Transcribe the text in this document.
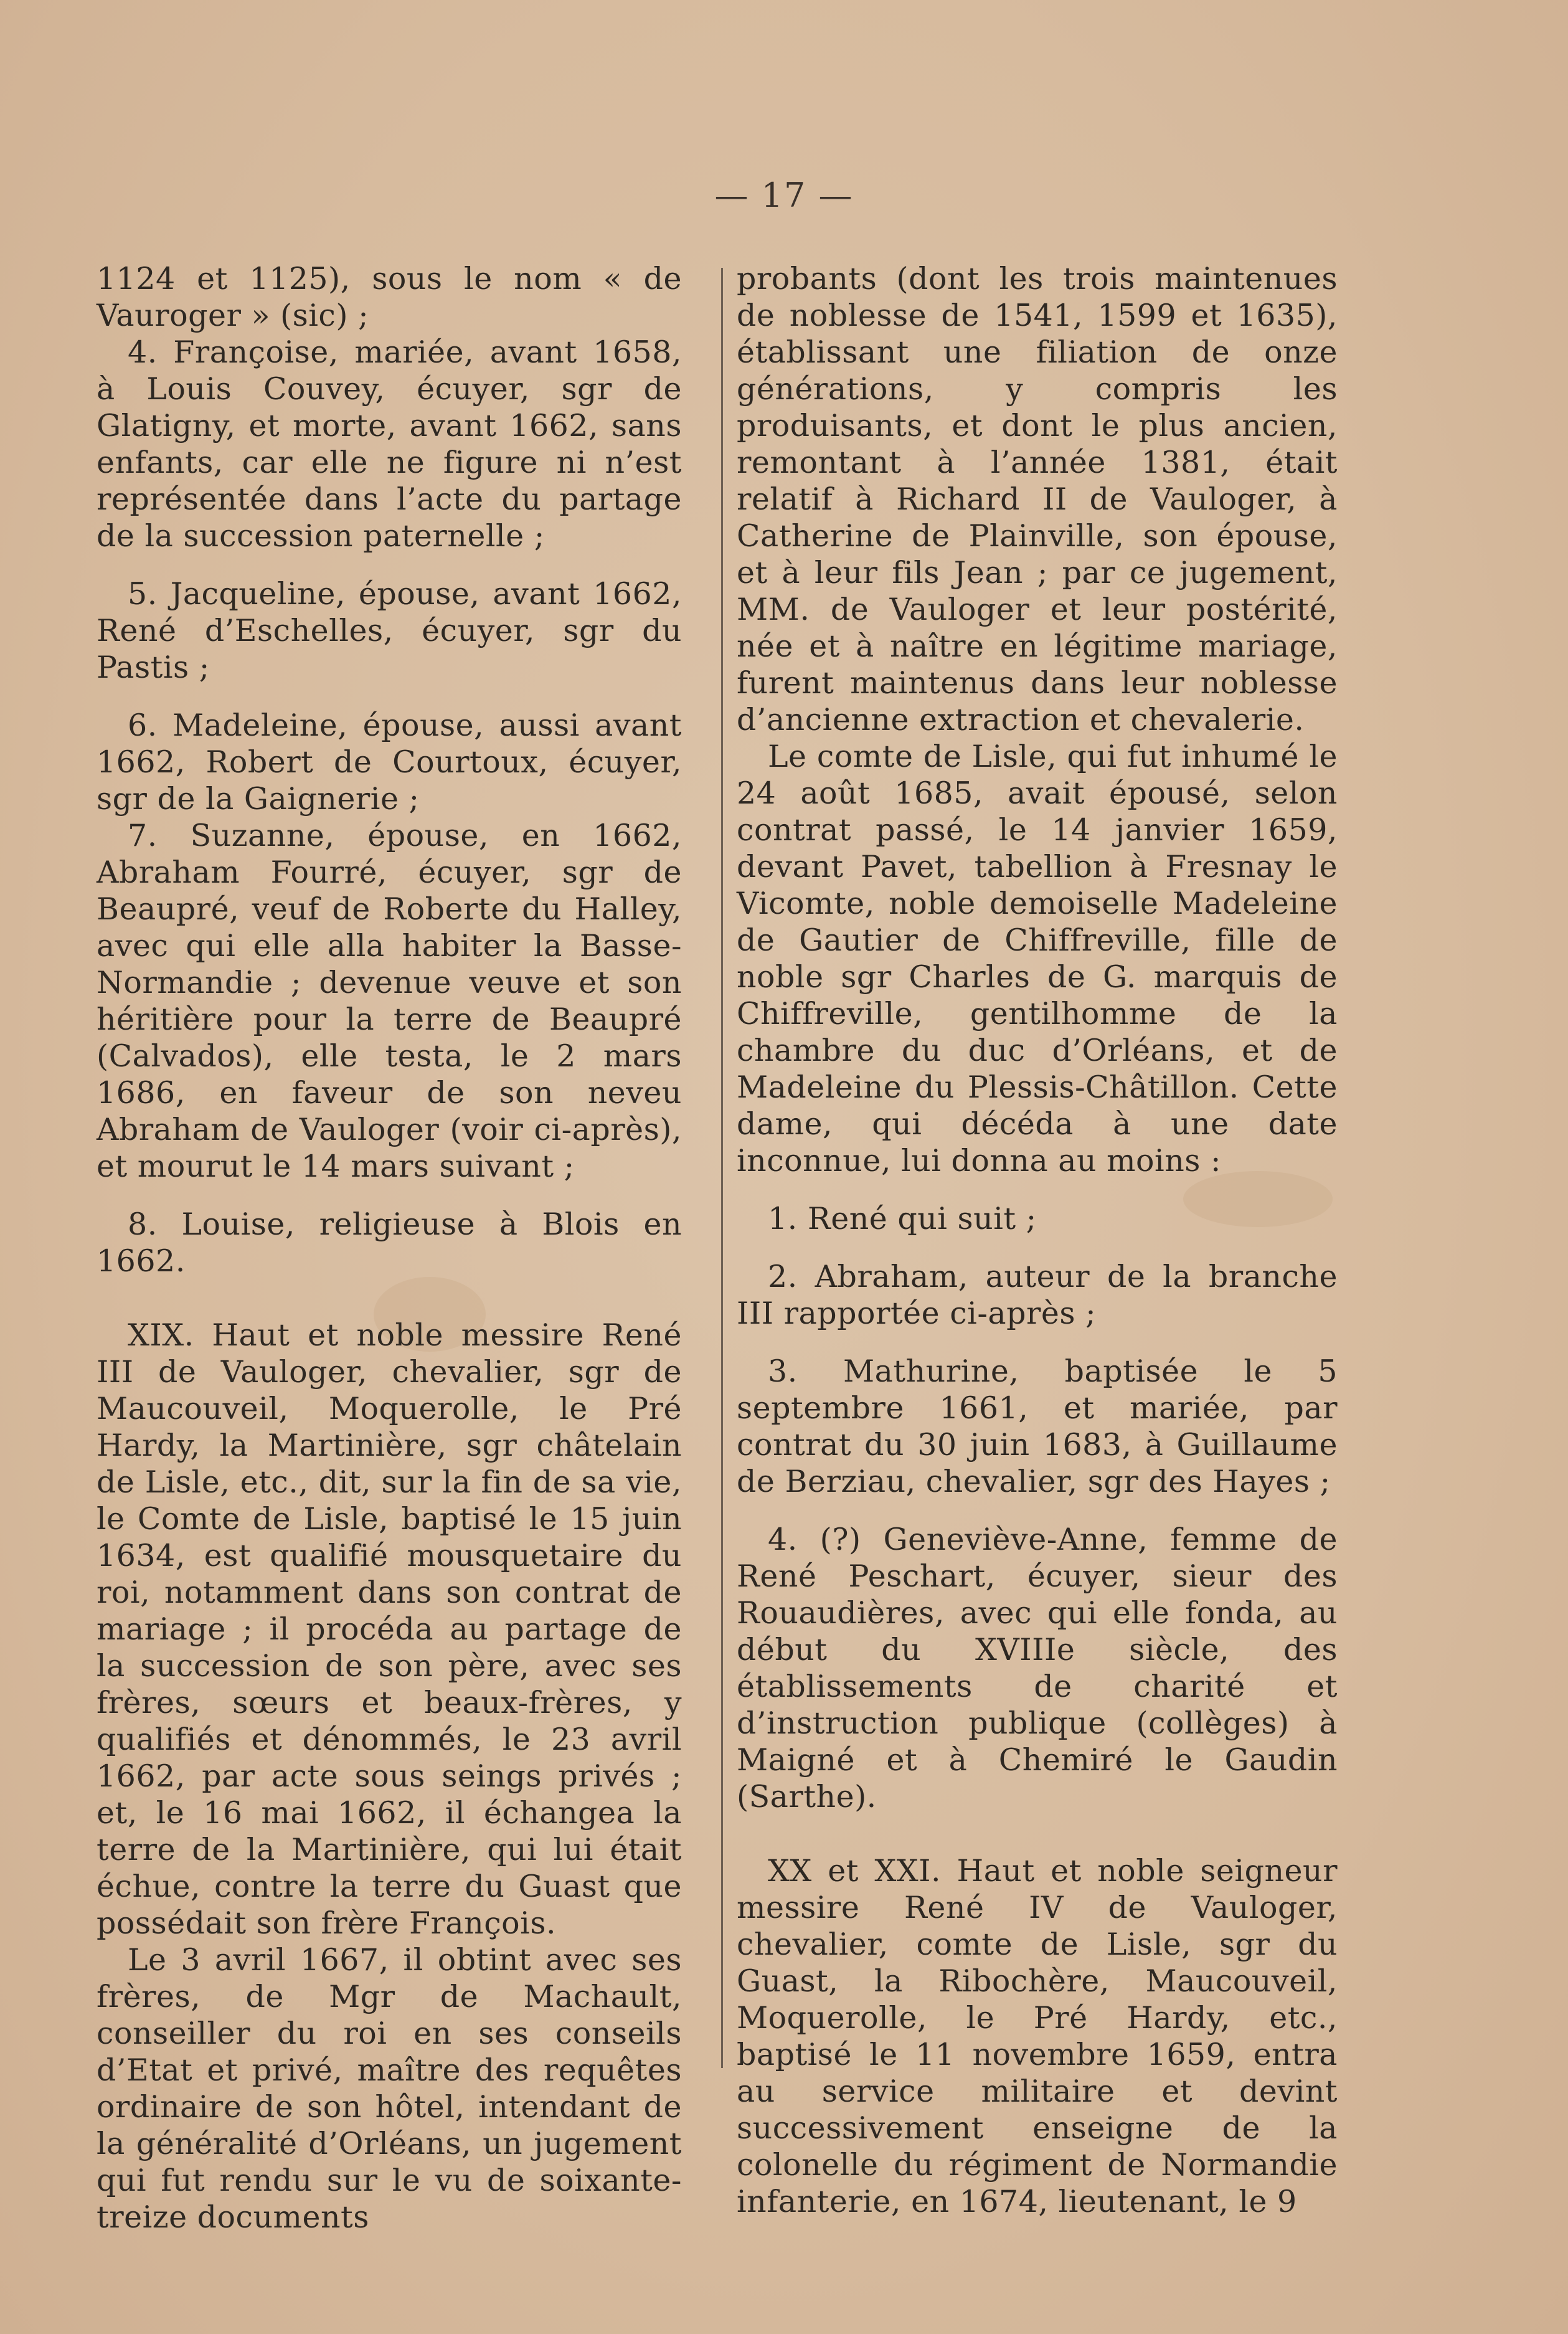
— 17 —

1124 et 1125), sous le nom « de Vauroger » (sic) ;

4. Françoise, mariée, avant 1658, à Louis Couvey, écuyer, sgr de Glatigny, et morte, avant 1662, sans enfants, car elle ne figure ni n’est représentée dans l’acte du partage de la succession paternelle ;

5. Jacqueline, épouse, avant 1662, René d’Eschelles, écuyer, sgr du Pastis ;

6. Madeleine, épouse, aussi avant 1662, Robert de Courtoux, écuyer, sgr de la Gaignerie ;

7. Suzanne, épouse, en 1662, Abraham Fourré, écuyer, sgr de Beaupré, veuf de Roberte du Halley, avec qui elle alla habiter la Basse-Normandie ; devenue veuve et son héritière pour la terre de Beaupré (Calvados), elle testa, le 2 mars 1686, en faveur de son neveu Abraham de Vauloger (voir ci-après), et mourut le 14 mars suivant ;

8. Louise, religieuse à Blois en 1662.

XIX. Haut et noble messire René III de Vauloger, chevalier, sgr de Maucouveil, Moquerolle, le Pré Hardy, la Martinière, sgr châtelain de Lisle, etc., dit, sur la fin de sa vie, le Comte de Lisle, baptisé le 15 juin 1634, est qualifié mousquetaire du roi, notamment dans son contrat de mariage ; il procéda au partage de la succession de son père, avec ses frères, sœurs et beaux-frères, y qualifiés et dénommés, le 23 avril 1662, par acte sous seings privés ; et, le 16 mai 1662, il échangea la terre de la Martinière, qui lui était échue, contre la terre du Guast que possédait son frère François.

Le 3 avril 1667, il obtint avec ses frères, de Mgr de Machault, conseiller du roi en ses conseils d’Etat et privé, maître des requêtes ordinaire de son hôtel, intendant de la généralité d’Orléans, un jugement qui fut rendu sur le vu de soixante-treize documents

probants (dont les trois maintenues de noblesse de 1541, 1599 et 1635), établissant une filiation de onze générations, y compris les produisants, et dont le plus ancien, remontant à l’année 1381, était relatif à Richard II de Vauloger, à Catherine de Plainville, son épouse, et à leur fils Jean ; par ce jugement, MM. de Vauloger et leur postérité, née et à naître en légitime mariage, furent maintenus dans leur noblesse d’ancienne extraction et chevalerie.

Le comte de Lisle, qui fut inhumé le 24 août 1685, avait épousé, selon contrat passé, le 14 janvier 1659, devant Pavet, tabellion à Fresnay le Vicomte, noble demoiselle Madeleine de Gautier de Chiffreville, fille de noble sgr Charles de G. marquis de Chiffreville, gentilhomme de la chambre du duc d’Orléans, et de Madeleine du Plessis-Châtillon. Cette dame, qui décéda à une date inconnue, lui donna au moins :

1. René qui suit ;

2. Abraham, auteur de la branche III rapportée ci-après ;

3. Mathurine, baptisée le 5 septembre 1661, et mariée, par contrat du 30 juin 1683, à Guillaume de Berziau, chevalier, sgr des Hayes ;

4. (?) Geneviève-Anne, femme de René Peschart, écuyer, sieur des Rouaudières, avec qui elle fonda, au début du XVIIIe siècle, des établissements de charité et d’instruction publique (collèges) à Maigné et à Chemiré le Gaudin (Sarthe).

XX et XXI. Haut et noble seigneur messire René IV de Vauloger, chevalier, comte de Lisle, sgr du Guast, la Ribochère, Maucouveil, Moquerolle, le Pré Hardy, etc., baptisé le 11 novembre 1659, entra au service militaire et devint successivement enseigne de la colonelle du régiment de Normandie infanterie, en 1674, lieutenant, le 9
